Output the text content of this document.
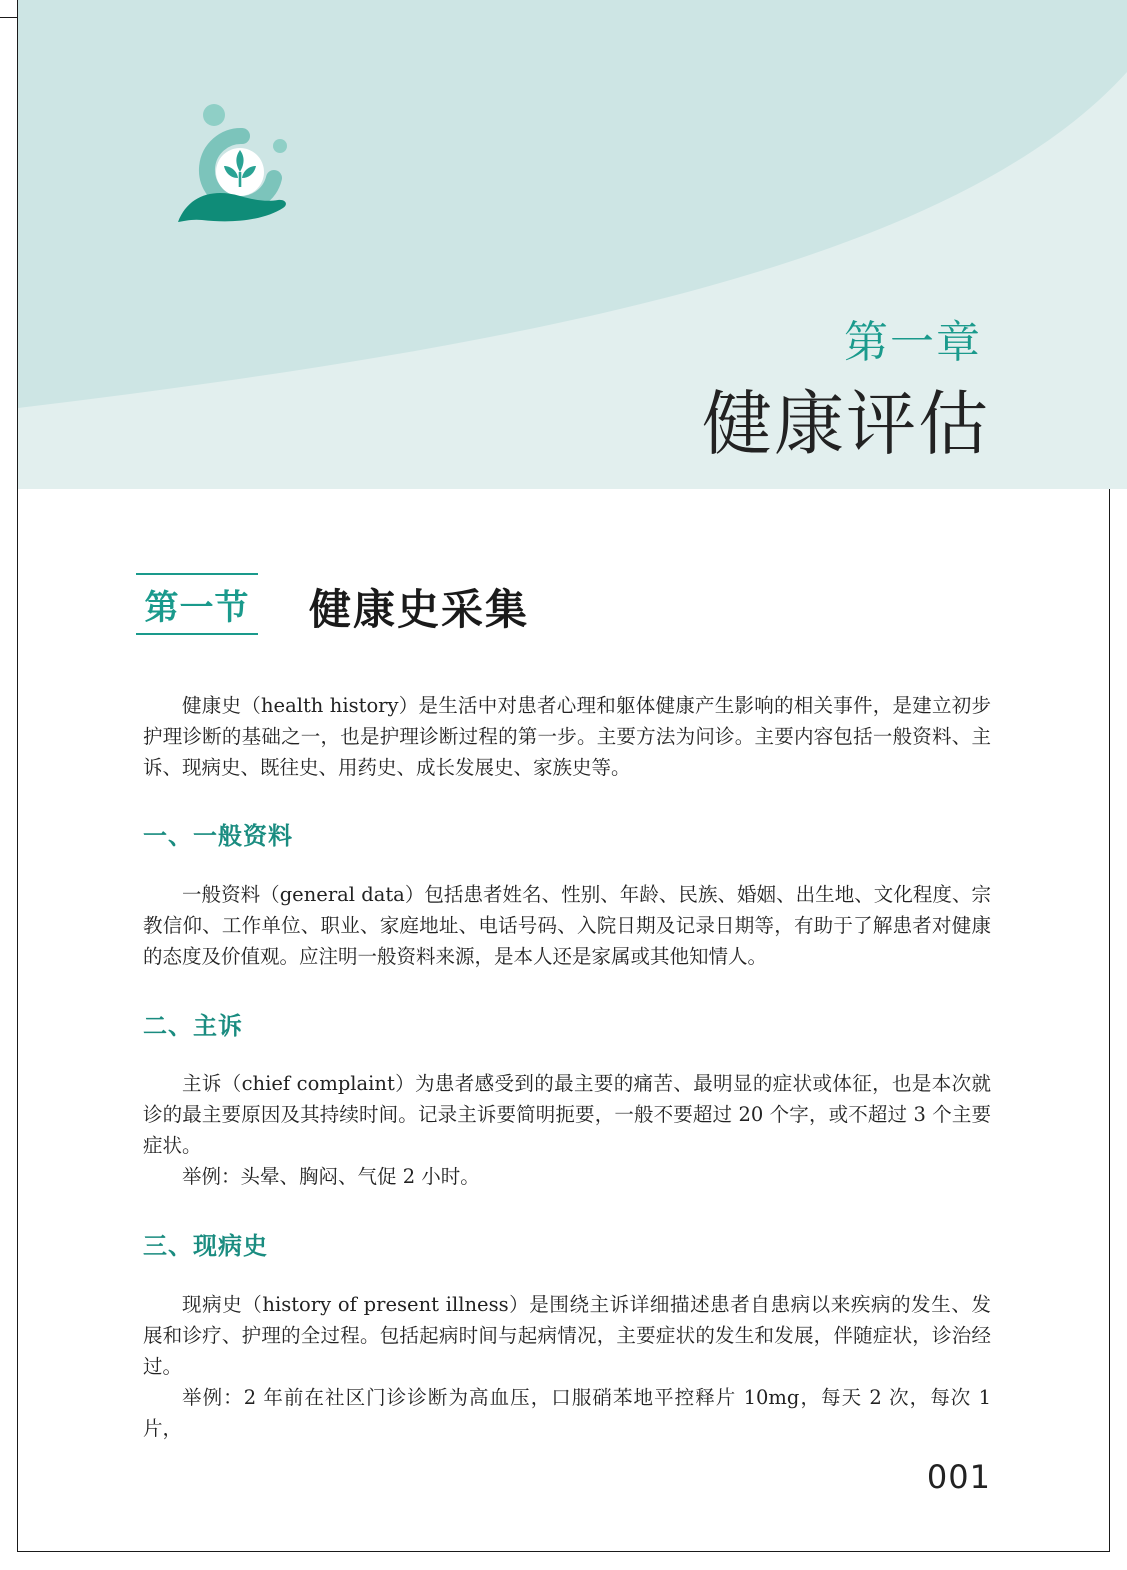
第一章
健康评估
第一节 健康史采集

健康史（health history）是生活中对患者心理和躯体健康产生影响的相关事件，是建立初步护理诊断的基础之一，也是护理诊断过程的第一步。主要方法为问诊。主要内容包括一般资料、主诉、现病史、既往史、用药史、成长发展史、家族史等。

一、一般资料

一般资料（general data）包括患者姓名、性别、年龄、民族、婚姻、出生地、文化程度、宗教信仰、工作单位、职业、家庭地址、电话号码、入院日期及记录日期等，有助于了解患者对健康的态度及价值观。应注明一般资料来源，是本人还是家属或其他知情人。

二、主诉

主诉（chief complaint）为患者感受到的最主要的痛苦、最明显的症状或体征，也是本次就诊的最主要原因及其持续时间。记录主诉要简明扼要，一般不要超过 20 个字，或不超过 3 个主要症状。

举例：头晕、胸闷、气促 2 小时。

三、现病史

现病史（history of present illness）是围绕主诉详细描述患者自患病以来疾病的发生、发展和诊疗、护理的全过程。包括起病时间与起病情况，主要症状的发生和发展，伴随症状，诊治经过。

举例：2 年前在社区门诊诊断为高血压，口服硝苯地平控释片 10mg，每天 2 次，每次 1 片，

001
